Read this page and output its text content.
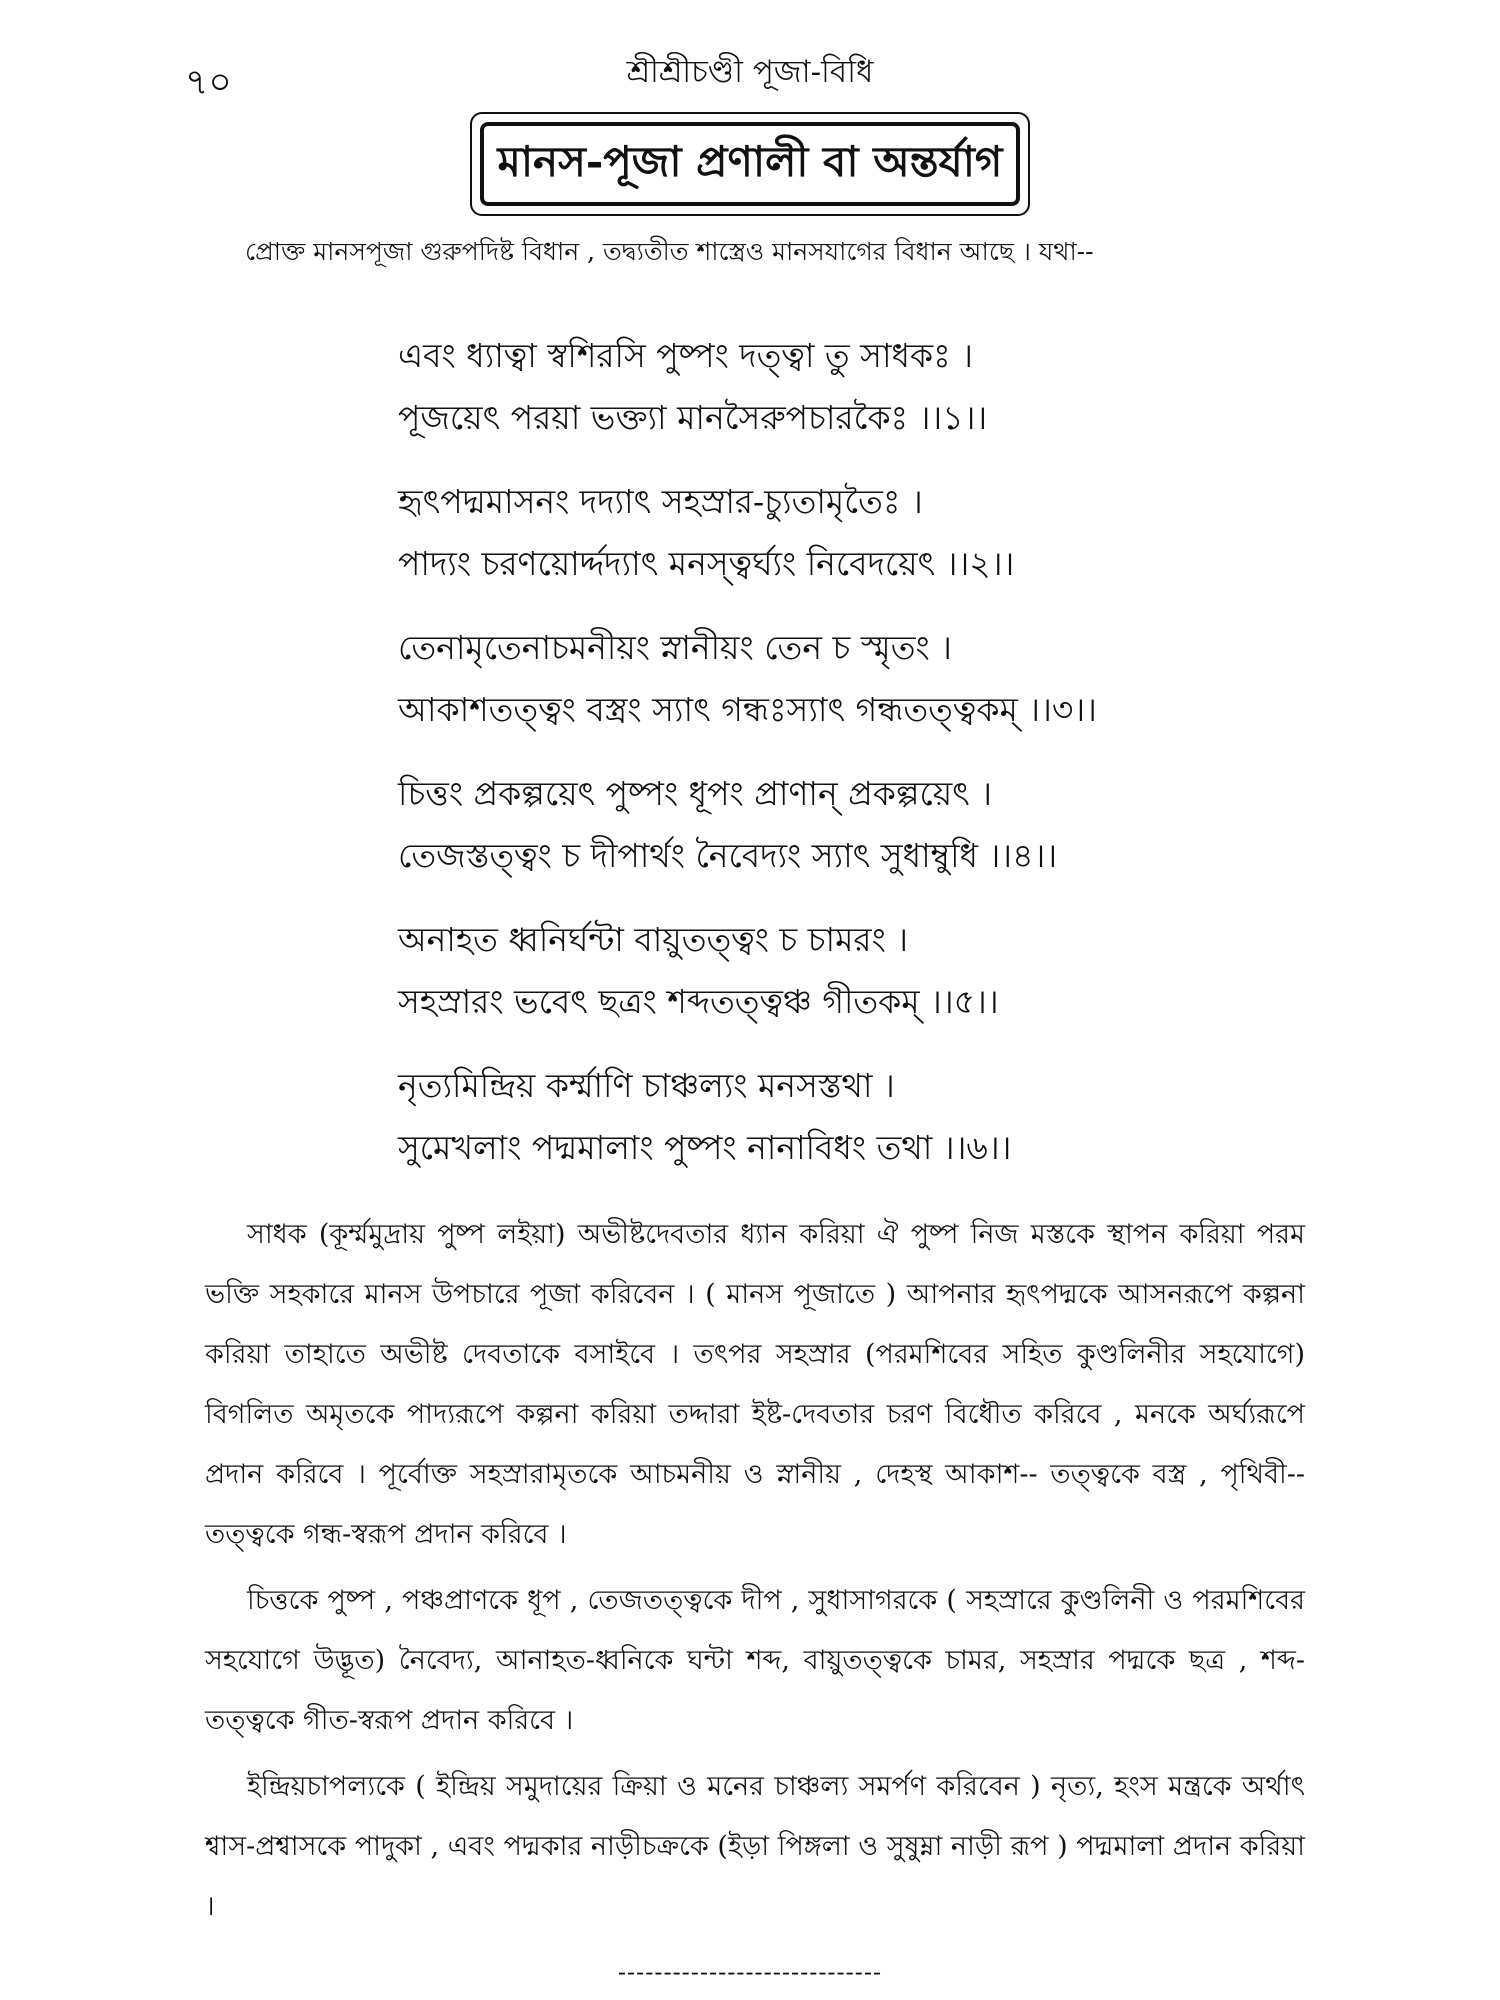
৭০	শ্রীশ্রীচণ্ডী পূজা-বিধি
মানস-পূজা প্রণালী বা অন্তর্যাগ
প্রোক্ত মানসপূজা গুরুপদিষ্ট বিধান , তদ্ব্যতীত শাস্ত্রেও মানসযাগের বিধান আছে । যথা--
এবং ধ্যাত্বা স্বশিরসি পুষ্পং দত্ত্বা তু সাধকঃ ।
পূজয়েৎ পরয়া ভক্ত্যা মানসৈরুপচারকৈঃ ।।১।।
হৃৎপদ্মমাসনং দদ্যাৎ সহস্রার-চ্যুতামৃতৈঃ ।
পাদ্যং চরণয়োর্দ্দদ্যাৎ মনস্ত্বর্ঘ্যং নিবেদয়েৎ ।।২।।
তেনামৃতেনাচমনীয়ং স্নানীয়ং তেন চ স্মৃতং ।
আকাশতত্ত্বং বস্ত্রং স্যাৎ গন্ধঃস্যাৎ গন্ধতত্ত্বকম্ ।।৩।।
চিত্তং প্রকল্পয়েৎ পুষ্পং ধূপং প্রাণান্ প্রকল্পয়েৎ ।
তেজস্তত্ত্বং চ দীপার্থং নৈবেদ্যং স্যাৎ সুধাম্বুধি ।।৪।।
অনাহত ধ্বনির্ঘন্টা বায়ুতত্ত্বং চ চামরং ।
সহস্রারং ভবেৎ ছত্রং শব্দতত্ত্বঞ্চ গীতকম্ ।।৫।।
নৃত্যমিন্দ্রিয় কর্ম্মাণি চাঞ্চল্যং মনসস্তথা ।
সুমেখলাং পদ্মমালাং পুষ্পং নানাবিধং তথা ।।৬।।

সাধক (কূর্ম্মমুদ্রায় পুষ্প লইয়া) অভীষ্টদেবতার ধ্যান করিয়া ঐ পুষ্প নিজ মস্তকে স্থাপন করিয়া পরম ভক্তি সহকারে মানস উপচারে পূজা করিবেন । ( মানস পূজাতে ) আপনার হৃৎপদ্মকে আসনরূপে কল্পনা করিয়া তাহাতে অভীষ্ট দেবতাকে বসাইবে । তৎপর সহস্রার (পরমশিবের সহিত কুণ্ডলিনীর সহযোগে) বিগলিত অমৃতকে পাদ্যরূপে কল্পনা করিয়া তদ্দারা ইষ্ট-দেবতার চরণ বিধৌত করিবে , মনকে অর্ঘ্যরূপে প্রদান করিবে । পূর্বোক্ত সহস্রারামৃতকে আচমনীয় ও স্নানীয় , দেহস্থ আকাশ-- তত্ত্বকে বস্ত্র , পৃথিবী--তত্ত্বকে গন্ধ-স্বরূপ প্রদান করিবে ।

চিত্তকে পুষ্প , পঞ্চপ্রাণকে ধূপ , তেজতত্ত্বকে দীপ , সুধাসাগরকে ( সহস্রারে কুণ্ডলিনী ও পরমশিবের সহযোগে উদ্ভূত) নৈবেদ্য, আনাহত-ধ্বনিকে ঘন্টা শব্দ, বায়ুতত্ত্বকে চামর, সহস্রার পদ্মকে ছত্র , শব্দ-তত্ত্বকে গীত-স্বরূপ প্রদান করিবে ।

ইন্দ্রিয়চাপল্যকে ( ইন্দ্রিয় সমুদায়ের ক্রিয়া ও মনের চাঞ্চল্য সমর্পণ করিবেন ) নৃত্য, হংস মন্ত্রকে অর্থাৎ শ্বাস-প্রশ্বাসকে পাদুকা , এবং পদ্মকার নাড়ীচক্রকে (ইড়া পিঙ্গলা ও সুষুম্না নাড়ী রূপ ) পদ্মমালা প্রদান করিয়া ।

-----------------------------
